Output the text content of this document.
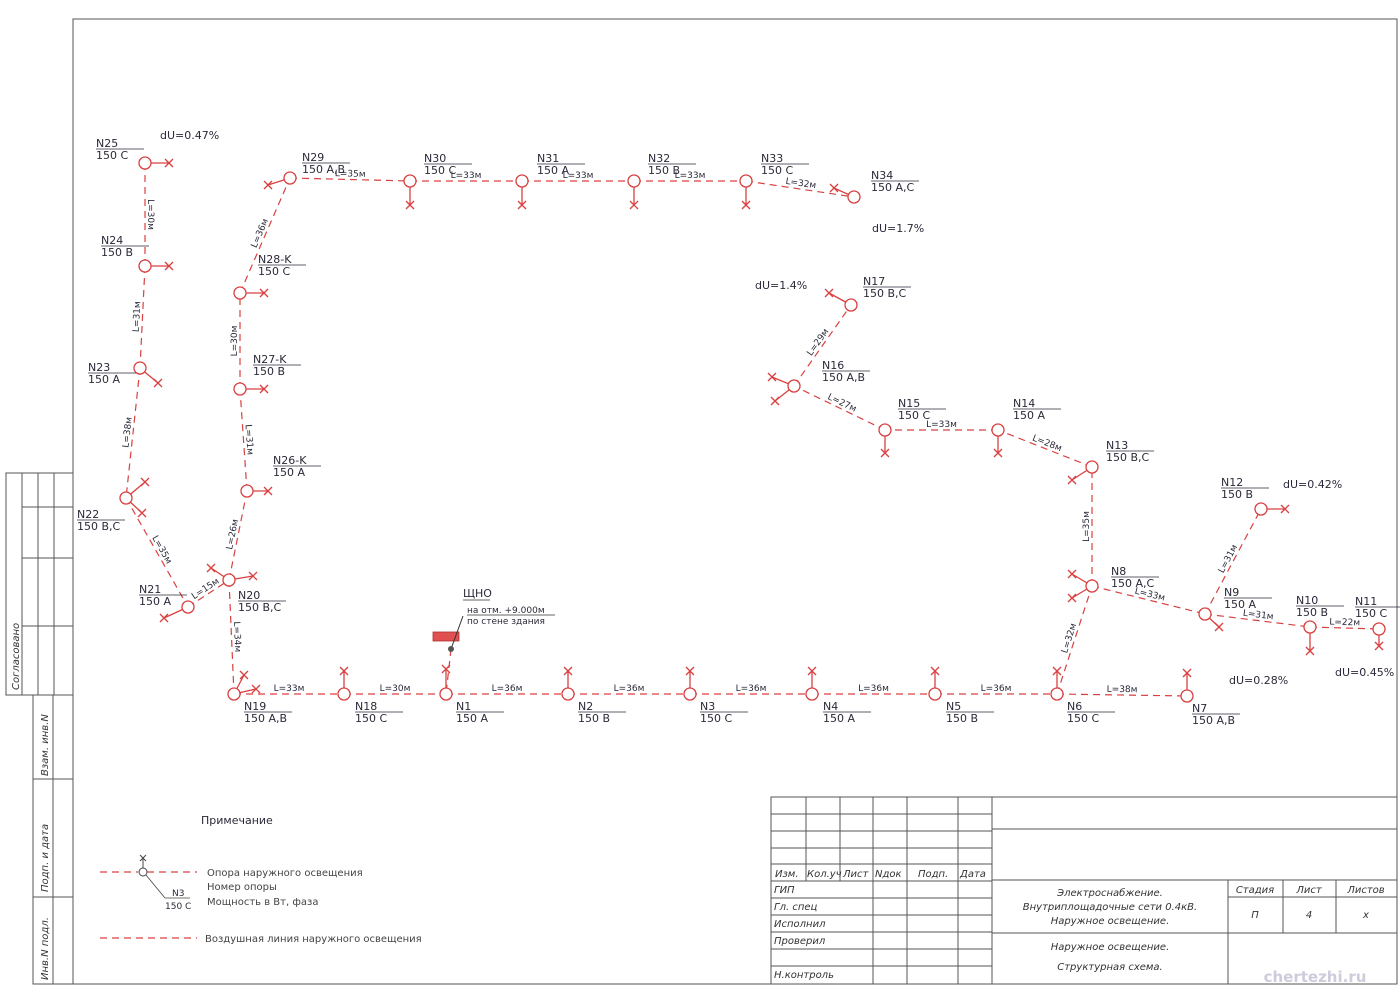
Согласовано
Взам. инв.N
Подп. и дата
Инв.N подл.
L=30м
L=31м
L=38м
L=35м
L=15м
L=34м
L=26м
L=31м
L=30м
L=36м
L=35м	L=33м	L=33м	L=33м
L=32м
L=33м	L=30м	L=36м	L=36м	L=36м	L=36м	L=36м	L=38м
L=32м
L=35м
L=33м
L=31м
L=22м
L=31м
L=28м
L=33м
L=27м
L=29м
N25
150 C
N24
150 B
N23
150 A
N22
150 B,C
N21
150 A	N20
150 B,C
N19
150 A,B
N18
150 C
N1
150 A
N2
150 B
N3
150 C
N4
150 A
N5
150 B
N6
150 C
N7
150 A,B
N8
150 A,C
N9
150 A	N10
150 B
N11
150 C
N12
150 B
N13
150 B,C
N14
150 A
N15
150 C
N16
150 A,B
N17
150 B,C
N26-K
150 A
N27-K
150 B
N28-K
150 C
N29
150 A,B
N30
150 C
N31
150 A
N32
150 B
N33
150 C	N34
150 A,C
ЩНО
на отм. +9.000м
по стене здания
dU=0.47%
dU=1.7%
dU=1.4%
dU=0.42%
dU=0.28%
dU=0.45%
Примечание
N3
150 С
Опора наружного освещения
Номер опоры
Мощность в Вт, фаза
Воздушная линия наружного освещения
Изм. Кол.уч Лист Nдок Подп. Дата
ГИП
Гл. спец
Исполнил
Проверил
Н.контроль
Электроснабжение.
Внутриплощадочные сети 0.4кВ.
Наружное освещение.
Наружное освещение.
Структурная схема.
Стадия Лист	Листов
П	4	х
chertezhi.ru
